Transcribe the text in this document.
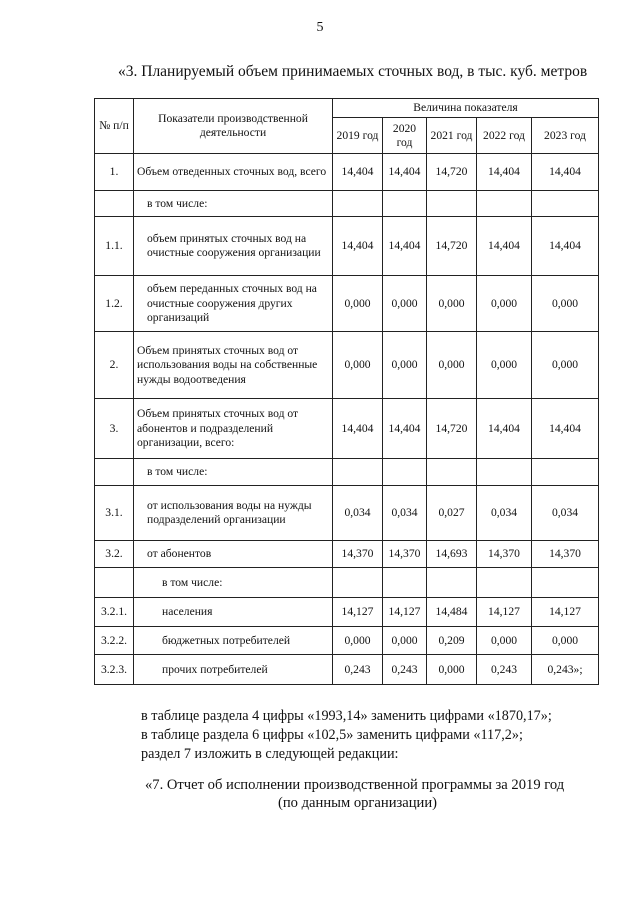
5
«3. Планируемый объем принимаемых сточных вод, в тыс. куб. метров
№ п/п	Показатели производственной деятельности	Величина показателя				
		2019 год	2020 год	2021 год	2022 год	2023 год
1.	Объем отведенных сточных вод, всего	14,404	14,404	14,720	14,404	14,404
	в том числе:					
1.1.	объем принятых сточных вод на очистные сооружения организации	14,404	14,404	14,720	14,404	14,404
1.2.	объем переданных сточных вод на очистные сооружения других организаций	0,000	0,000	0,000	0,000	0,000
2.	Объем принятых сточных вод от использования воды на собственные нужды водоотведения	0,000	0,000	0,000	0,000	0,000
3.	Объем принятых сточных вод от абонентов и подразделений организации, всего:	14,404	14,404	14,720	14,404	14,404
	в том числе:					
3.1.	от использования воды на нужды подразделений организации	0,034	0,034	0,027	0,034	0,034
3.2.	от абонентов	14,370	14,370	14,693	14,370	14,370
	в том числе:					
3.2.1.	населения	14,127	14,127	14,484	14,127	14,127
3.2.2.	бюджетных потребителей	0,000	0,000	0,209	0,000	0,000
3.2.3.	прочих потребителей	0,243	0,243	0,000	0,243	0,243»;
в таблице раздела 4 цифры «1993,14» заменить цифрами «1870,17»;
в таблице раздела 6 цифры «102,5» заменить цифрами «117,2»;
раздел 7 изложить в следующей редакции:
«7. Отчет об исполнении производственной программы за 2019 год
(по данным организации)
